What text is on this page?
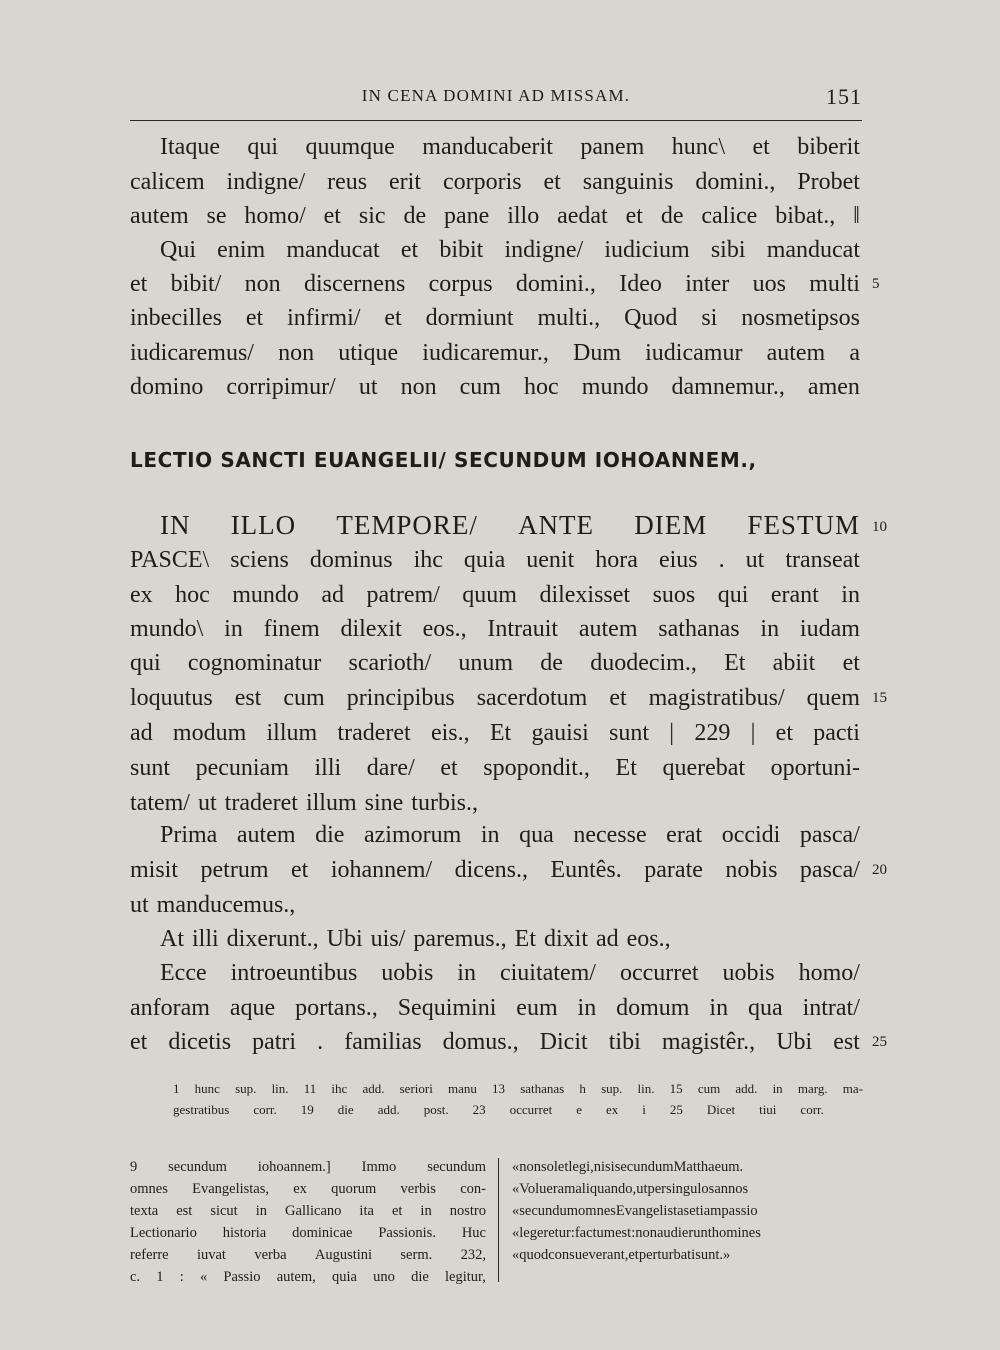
IN CENA DOMINI AD MISSAM.	151
Itaque qui quumque manducaberit panem hunc\ et biberit
calicem indigne/ reus erit corporis et sanguinis domini., Probet
autem se homo/ et sic de pane illo aedat et de calice bibat., ‖
Qui enim manducat et bibit indigne/ iudicium sibi manducat
et bibit/ non discernens corpus domini., Ideo inter uos multi
inbecilles et infirmi/ et dormiunt multi., Quod si nosmetipsos
iudicaremus/ non utique iudicaremur., Dum iudicamur autem a
domino corripimur/ ut non cum hoc mundo damnemur., amen
LECTIO SANCTI EUANGELII/ SECUNDUM IOHOANNEM.,
IN ILLO TEMPORE/ ANTE DIEM FESTUM
PASCE\ sciens dominus ihc quia uenit hora eius . ut transeat
ex hoc mundo ad patrem/ quum dilexisset suos qui erant in
mundo\ in finem dilexit eos., Intrauit autem sathanas in iudam
qui cognominatur scarioth/ unum de duodecim., Et abiit et
loquutus est cum principibus sacerdotum et magistratibus/ quem
ad modum illum traderet eis., Et gauisi sunt | 229 | et pacti
sunt pecuniam illi dare/ et spopondit., Et querebat oportuni-
tatem/ ut traderet illum sine turbis.,
Prima autem die azimorum in qua necesse erat occidi pasca/
misit petrum et iohannem/ dicens., Euntês. parate nobis pasca/
ut manducemus.,
At illi dixerunt., Ubi uis/ paremus., Et dixit ad eos.,
Ecce introeuntibus uobis in ciuitatem/ occurret uobis homo/
anforam aque portans., Sequimini eum in domum in qua intrat/
et dicetis patri . familias domus., Dicit tibi magistêr., Ubi est
5
10
15
20
25
1 hunc sup. lin. 11 ihc add. seriori manu 13 sathanas h sup. lin. 15 cum add. in marg. ma-
gestratibus corr. 19 die add. post. 23 occurret e ex i 25 Dicet tiui corr.
9 secundum iohoannem.] Immo secundum
omnes Evangelistas, ex quorum verbis con-
texta est sicut in Gallicano ita et in nostro
Lectionario historia dominicae Passionis. Huc
referre iuvat verba Augustini serm. 232,
c. 1 : « Passio autem, quia uno die legitur,
« non solet legi, nisi secundum Matthaeum.
« Volueram aliquando, ut per singulos annos
« secundum omnes Evangelistas etiam passio
« legeretur: factum est : non audierunt homines
« quod consueverant, et perturbati sunt. »
